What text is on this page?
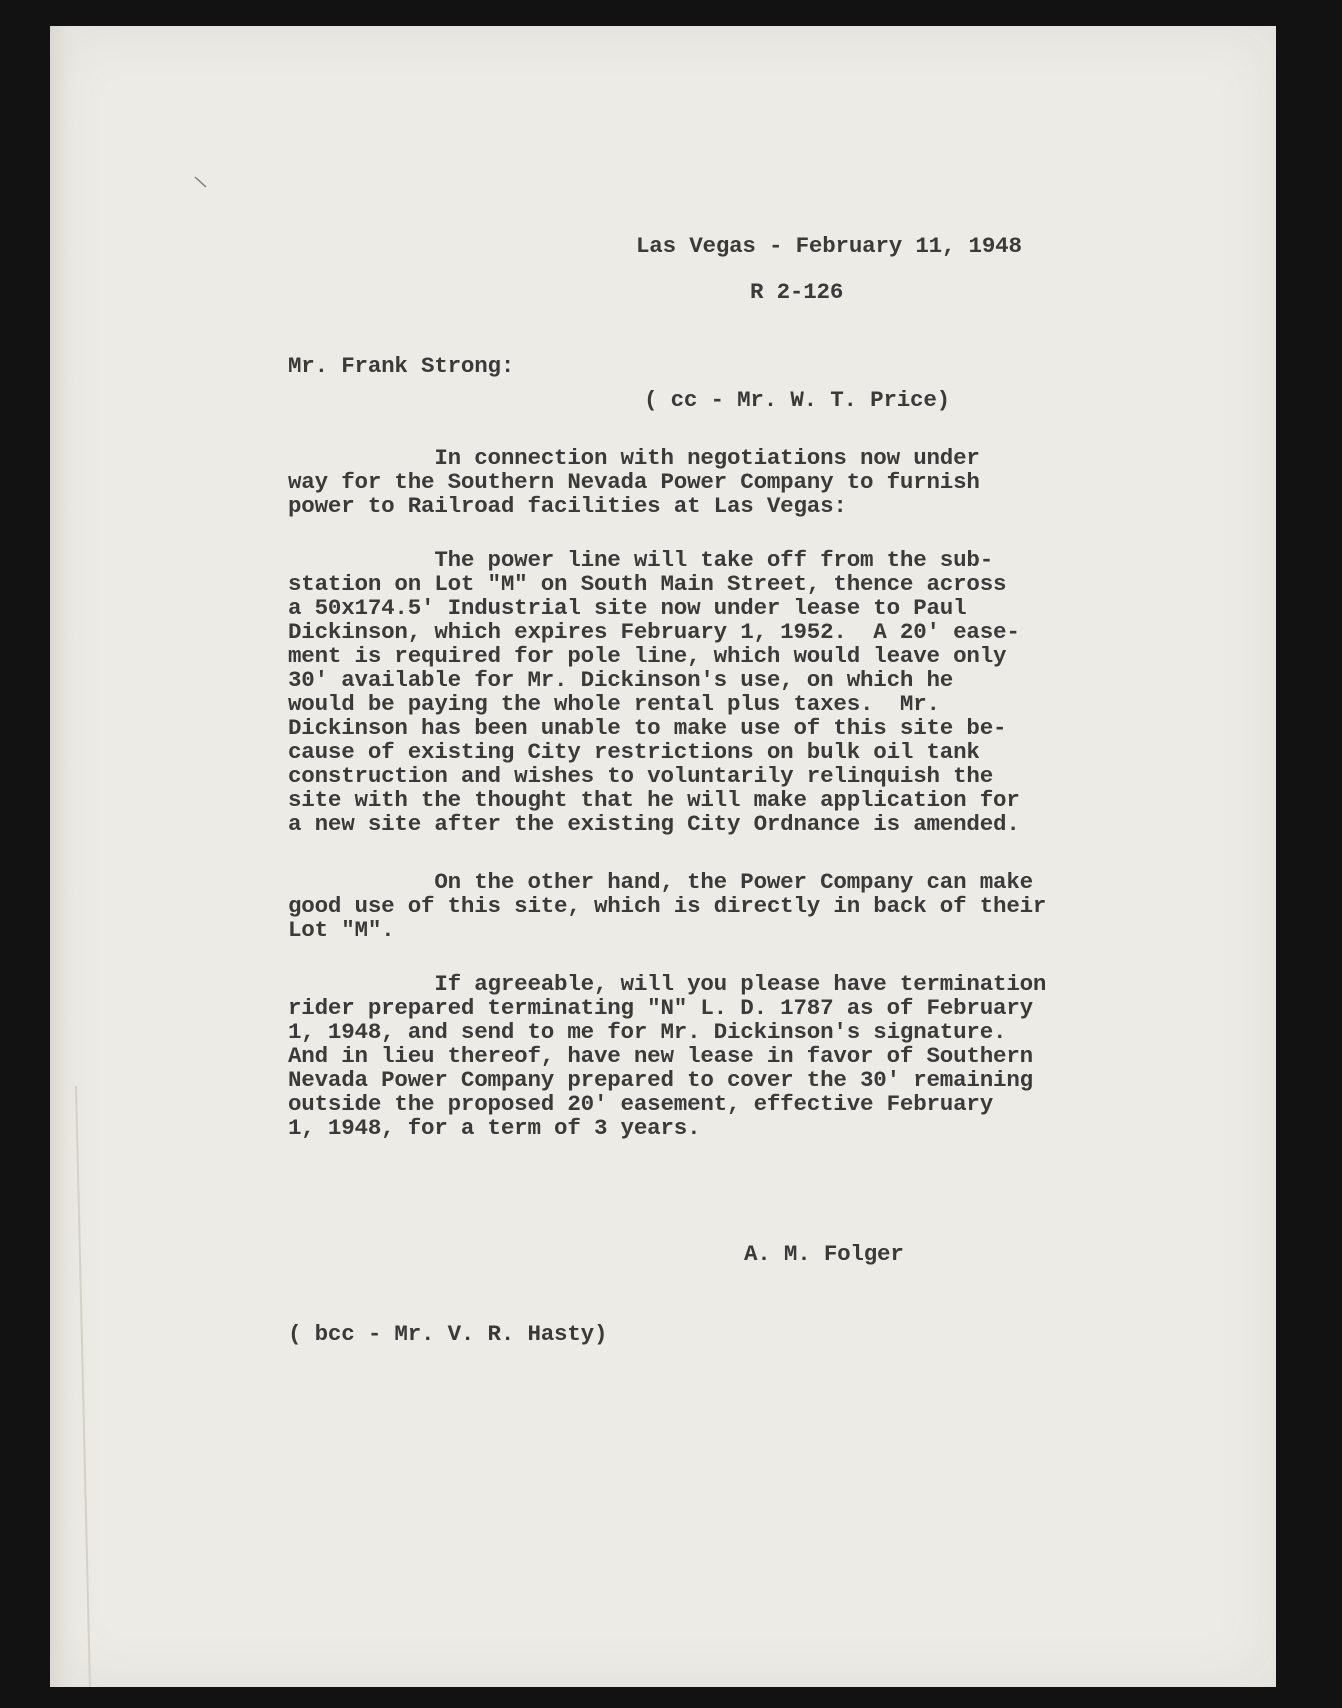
Las Vegas - February 11, 1948
R 2-126
Mr. Frank Strong:
( cc - Mr. W. T. Price)
In connection with negotiations now under
way for the Southern Nevada Power Company to furnish
power to Railroad facilities at Las Vegas:
The power line will take off from the sub-
station on Lot "M" on South Main Street, thence across
a 50x174.5' Industrial site now under lease to Paul
Dickinson, which expires February 1, 1952.  A 20' ease-
ment is required for pole line, which would leave only
30' available for Mr. Dickinson's use, on which he
would be paying the whole rental plus taxes.  Mr.
Dickinson has been unable to make use of this site be-
cause of existing City restrictions on bulk oil tank
construction and wishes to voluntarily relinquish the
site with the thought that he will make application for
a new site after the existing City Ordnance is amended.
On the other hand, the Power Company can make
good use of this site, which is directly in back of their
Lot "M".
If agreeable, will you please have termination
rider prepared terminating "N" L. D. 1787 as of February
1, 1948, and send to me for Mr. Dickinson's signature.
And in lieu thereof, have new lease in favor of Southern
Nevada Power Company prepared to cover the 30' remaining
outside the proposed 20' easement, effective February
1, 1948, for a term of 3 years.
A. M. Folger
( bcc - Mr. V. R. Hasty)
